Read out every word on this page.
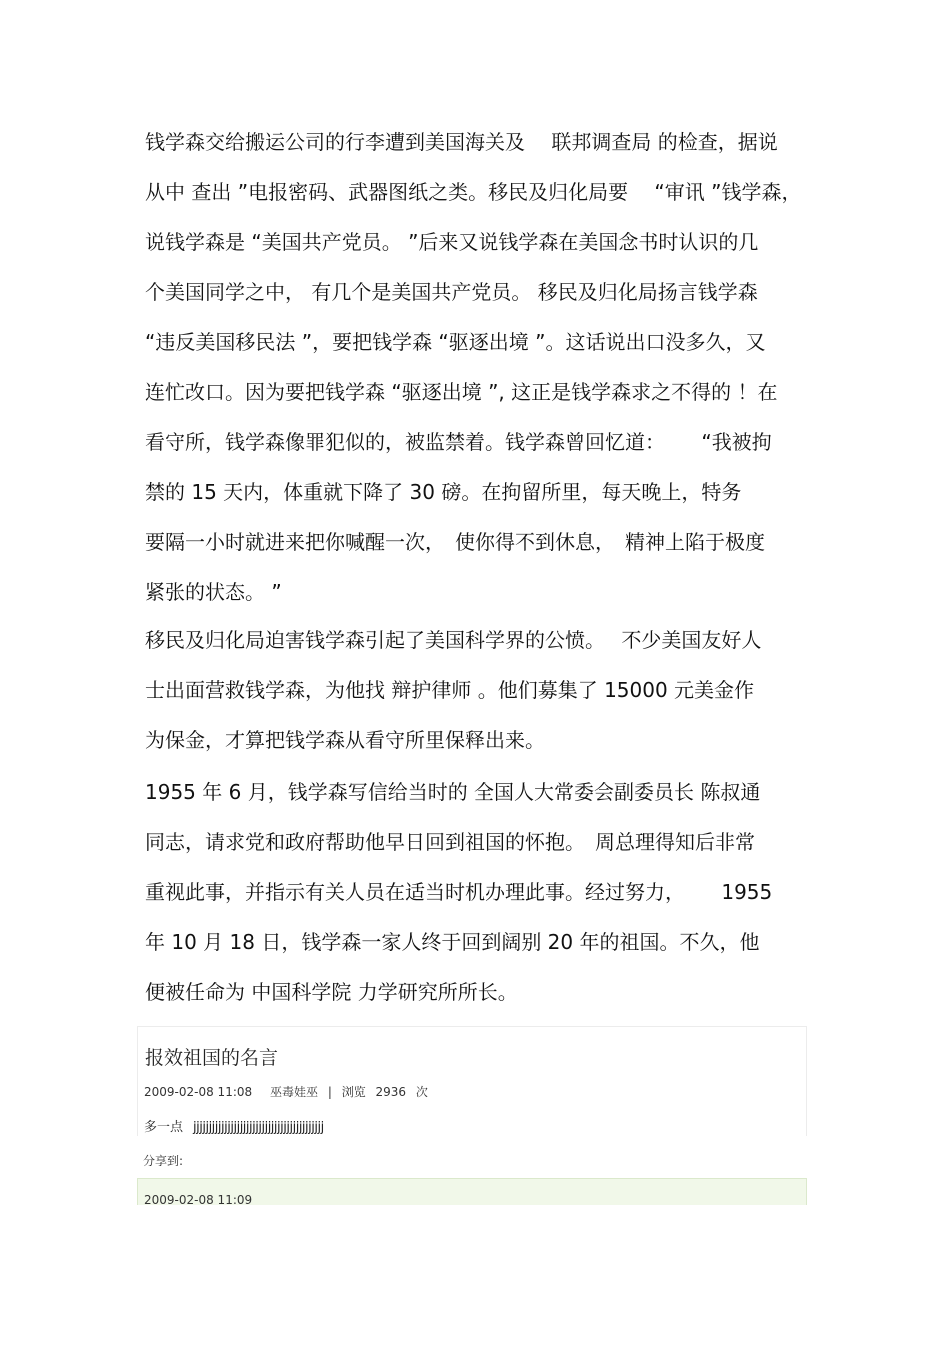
钱学森交给搬运公司的行李遭到美国海关及　 联邦调查局 的检查，据说
从中 查出 ”电报密码、武器图纸之类。移民及归化局要　 “审讯 ”钱学森，
说钱学森是 “美国共产党员。 ”后来又说钱学森在美国念书时认识的几
个美国同学之中， 有几个是美国共产党员。 移民及归化局扬言钱学森
“违反美国移民法 ”，要把钱学森 “驱逐出境 ”。这话说出口没多久，又
连忙改口。因为要把钱学森 “驱逐出境 ”, 这正是钱学森求之不得的 ！在
看守所，钱学森像罪犯似的，被监禁着。钱学森曾回忆道：　　 “我被拘
禁的 15 天内，体重就下降了 30 磅。在拘留所里，每天晚上，特务
要隔一小时就进来把你喊醒一次，　使你得不到休息，　精神上陷于极度
紧张的状态。 ”

移民及归化局迫害钱学森引起了美国科学界的公愤。　 不少美国友好人
士出面营救钱学森，为他找 辩护律师 。他们募集了 15000 元美金作
为保金，才算把钱学森从看守所里保释出来。

1955 年 6 月，钱学森写信给当时的 全国人大常委会副委员长 陈叔通
同志，请求党和政府帮助他早日回到祖国的怀抱。　周总理得知后非常
重视此事，并指示有关人员在适当时机办理此事。经过努力，　　 1955
年 10 月 18 日，钱学森一家人终于回到阔别 20 年的祖国。不久，他
便被任命为 中国科学院 力学研究所所长。

报效祖国的名言
2009-02-08 11:08 巫毒娃巫 | 浏览 2936 次
多一点 jjjjjjjjjjjjjjjjjjjjjjjjjjjjjjjjjjjjjjjjjj
分享到:
2009-02-08 11:09
